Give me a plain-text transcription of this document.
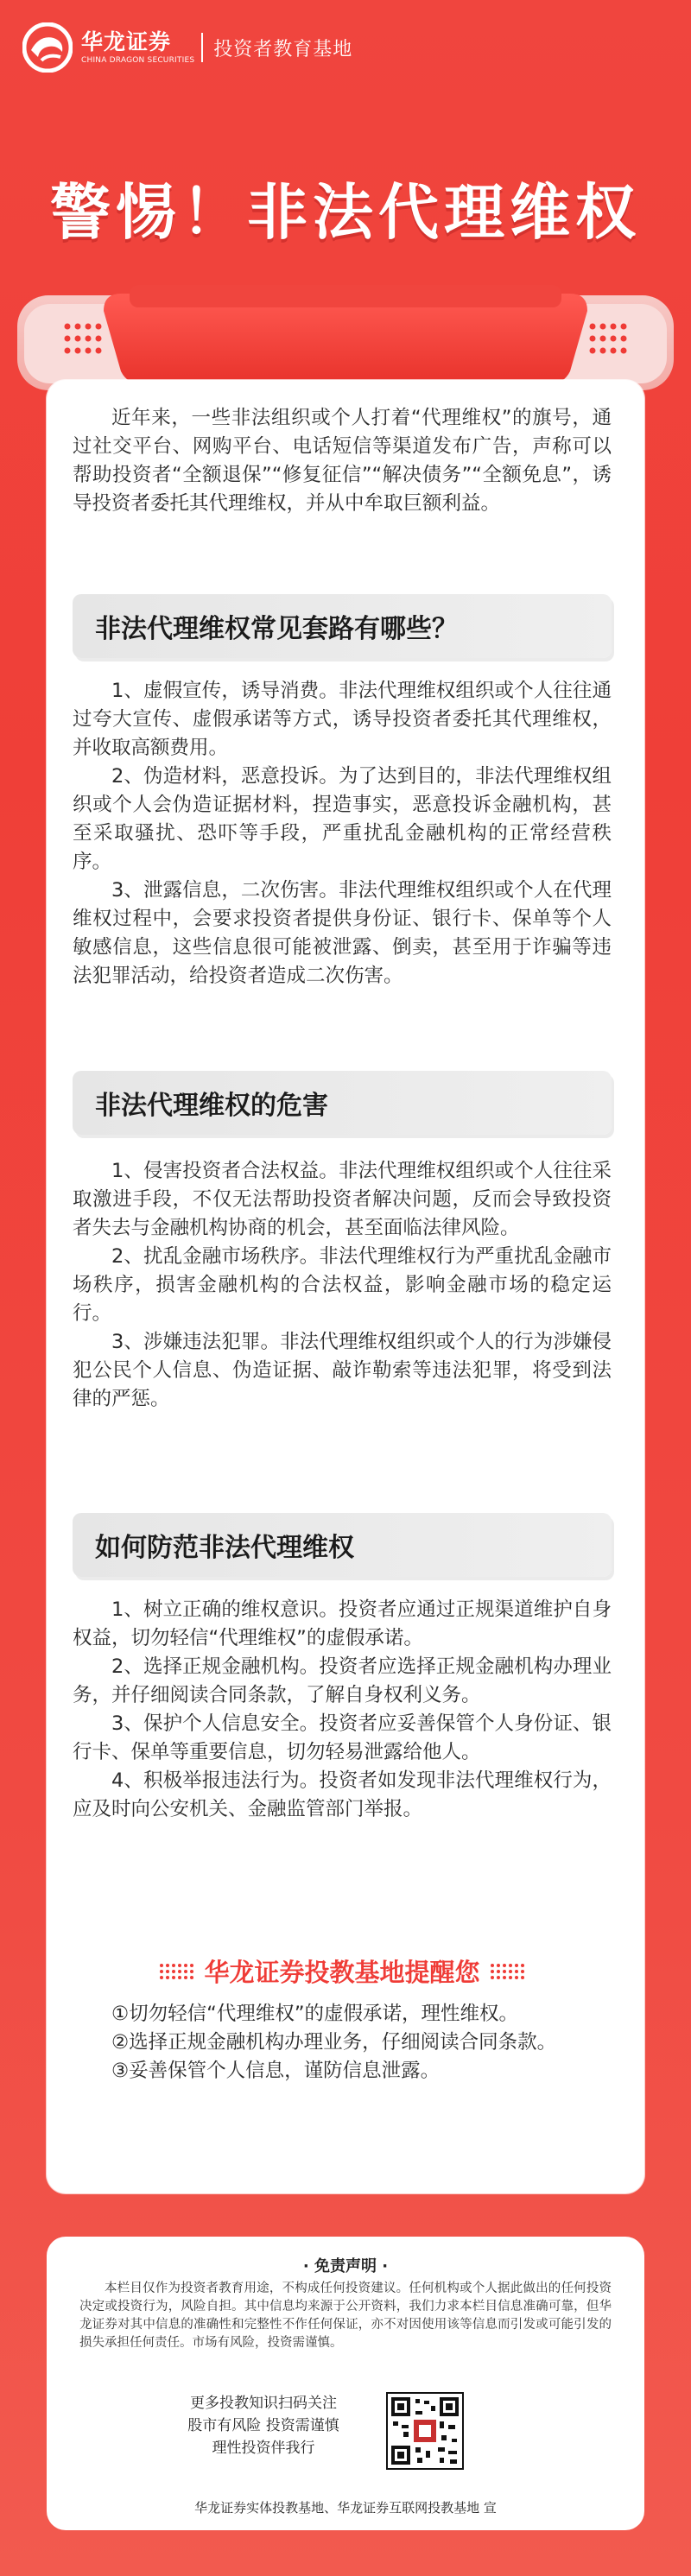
华龙证券
CHINA DRAGON SECURITIES
投资者教育基地
警惕！非法代理维权

近年来，一些非法组织或个人打着“代理维权”的旗号，通过社交平台、网购平台、电话短信等渠道发布广告，声称可以帮助投资者“全额退保”“修复征信”“解决债务”“全额免息”，诱导投资者委托其代理维权，并从中牟取巨额利益。

非法代理维权常见套路有哪些？

1、虚假宣传，诱导消费。非法代理维权组织或个人往往通过夸大宣传、虚假承诺等方式，诱导投资者委托其代理维权，并收取高额费用。

2、伪造材料，恶意投诉。为了达到目的，非法代理维权组织或个人会伪造证据材料，捏造事实，恶意投诉金融机构，甚至采取骚扰、恐吓等手段，严重扰乱金融机构的正常经营秩序。

3、泄露信息，二次伤害。非法代理维权组织或个人在代理维权过程中，会要求投资者提供身份证、银行卡、保单等个人敏感信息，这些信息很可能被泄露、倒卖，甚至用于诈骗等违法犯罪活动，给投资者造成二次伤害。

非法代理维权的危害

1、侵害投资者合法权益。非法代理维权组织或个人往往采取激进手段，不仅无法帮助投资者解决问题，反而会导致投资者失去与金融机构协商的机会，甚至面临法律风险。

2、扰乱金融市场秩序。非法代理维权行为严重扰乱金融市场秩序，损害金融机构的合法权益，影响金融市场的稳定运行。

3、涉嫌违法犯罪。非法代理维权组织或个人的行为涉嫌侵犯公民个人信息、伪造证据、敲诈勒索等违法犯罪，将受到法律的严惩。

如何防范非法代理维权

1、树立正确的维权意识。投资者应通过正规渠道维护自身权益，切勿轻信“代理维权”的虚假承诺。

2、选择正规金融机构。投资者应选择正规金融机构办理业务，并仔细阅读合同条款，了解自身权利义务。

3、保护个人信息安全。投资者应妥善保管个人身份证、银行卡、保单等重要信息，切勿轻易泄露给他人。

4、积极举报违法行为。投资者如发现非法代理维权行为，应及时向公安机关、金融监管部门举报。

华龙证券投教基地提醒您

①切勿轻信“代理维权”的虚假承诺，理性维权。

②选择正规金融机构办理业务，仔细阅读合同条款。

③妥善保管个人信息，谨防信息泄露。

· 免责声明 ·

本栏目仅作为投资者教育用途，不构成任何投资建议。任何机构或个人据此做出的任何投资决定或投资行为，风险自担。其中信息均来源于公开资料，我们力求本栏目信息准确可靠，但华龙证券对其中信息的准确性和完整性不作任何保证，亦不对因使用该等信息而引发或可能引发的损失承担任何责任。市场有风险，投资需谨慎。

更多投教知识扫码关注
股市有风险 投资需谨慎
理性投资伴我行
华龙证券实体投教基地、华龙证券互联网投教基地 宣
